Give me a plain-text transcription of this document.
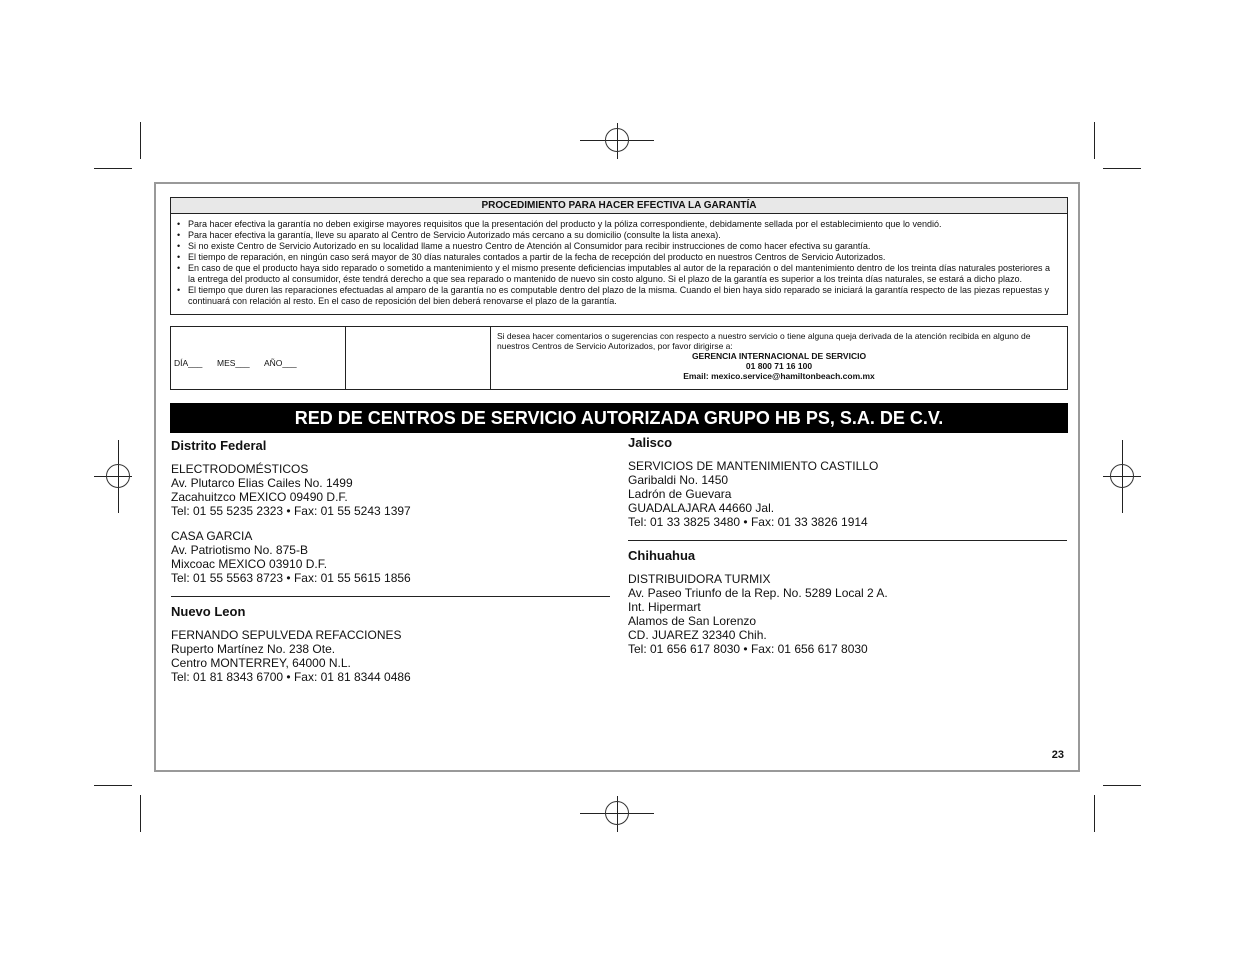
PROCEDIMIENTO PARA HACER EFECTIVA LA GARANTÍA
• Para hacer efectiva la garantía no deben exigirse mayores requisitos que la presentación del producto y la póliza correspondiente, debidamente sellada por el establecimiento que lo vendió.
• Para hacer efectiva la garantía, lleve su aparato al Centro de Servicio Autorizado más cercano a su domicilio (consulte la lista anexa).
• Si no existe Centro de Servicio Autorizado en su localidad llame a nuestro Centro de Atención al Consumidor para recibir instrucciones de como hacer efectiva su garantía.
• El tiempo de reparación, en ningún caso será mayor de 30 días naturales contados a partir de la fecha de recepción del producto en nuestros Centros de Servicio Autorizados.
• En caso de que el producto haya sido reparado o sometido a mantenimiento y el mismo presente deficiencias imputables al autor de la reparación o del mantenimiento dentro de los treinta días naturales posteriores a la entrega del producto al consumidor, éste tendrá derecho a que sea reparado o mantenido de nuevo sin costo alguno. Si el plazo de la garantía es superior a los treinta días naturales, se estará a dicho plazo.
• El tiempo que duren las reparaciones efectuadas al amparo de la garantía no es computable dentro del plazo de la misma. Cuando el bien haya sido reparado se iniciará la garantía respecto de las piezas repuestas y continuará con relación al resto. En el caso de reposición del bien deberá renovarse el plazo de la garantía.
DÍA___ MES___ AÑO___
Si desea hacer comentarios o sugerencias con respecto a nuestro servicio o tiene alguna queja derivada de la atención recibida en alguno de nuestros Centros de Servicio Autorizados, por favor dirigirse a:
GERENCIA INTERNACIONAL DE SERVICIO
01 800 71 16 100
Email: mexico.service@hamiltonbeach.com.mx
RED DE CENTROS DE SERVICIO AUTORIZADA GRUPO HB PS, S.A. DE C.V.
Distrito Federal
ELECTRODOMÉSTICOS
Av. Plutarco Elias Cailes No. 1499
Zacahuitzco MEXICO 09490 D.F.
Tel: 01 55 5235 2323 • Fax: 01 55 5243 1397
CASA GARCIA
Av. Patriotismo No. 875-B
Mixcoac MEXICO 03910 D.F.
Tel: 01 55 5563 8723 • Fax: 01 55 5615 1856
Nuevo Leon
FERNANDO SEPULVEDA REFACCIONES
Ruperto Martínez No. 238 Ote.
Centro MONTERREY, 64000 N.L.
Tel: 01 81 8343 6700 • Fax: 01 81 8344 0486
Jalisco
SERVICIOS DE MANTENIMIENTO CASTILLO
Garibaldi No. 1450
Ladrón de Guevara
GUADALAJARA 44660 Jal.
Tel: 01 33 3825 3480 • Fax: 01 33 3826 1914
Chihuahua
DISTRIBUIDORA TURMIX
Av. Paseo Triunfo de la Rep. No. 5289 Local 2 A.
Int. Hipermart
Alamos de San Lorenzo
CD. JUAREZ 32340 Chih.
Tel: 01 656 617 8030 • Fax: 01 656 617 8030
23
